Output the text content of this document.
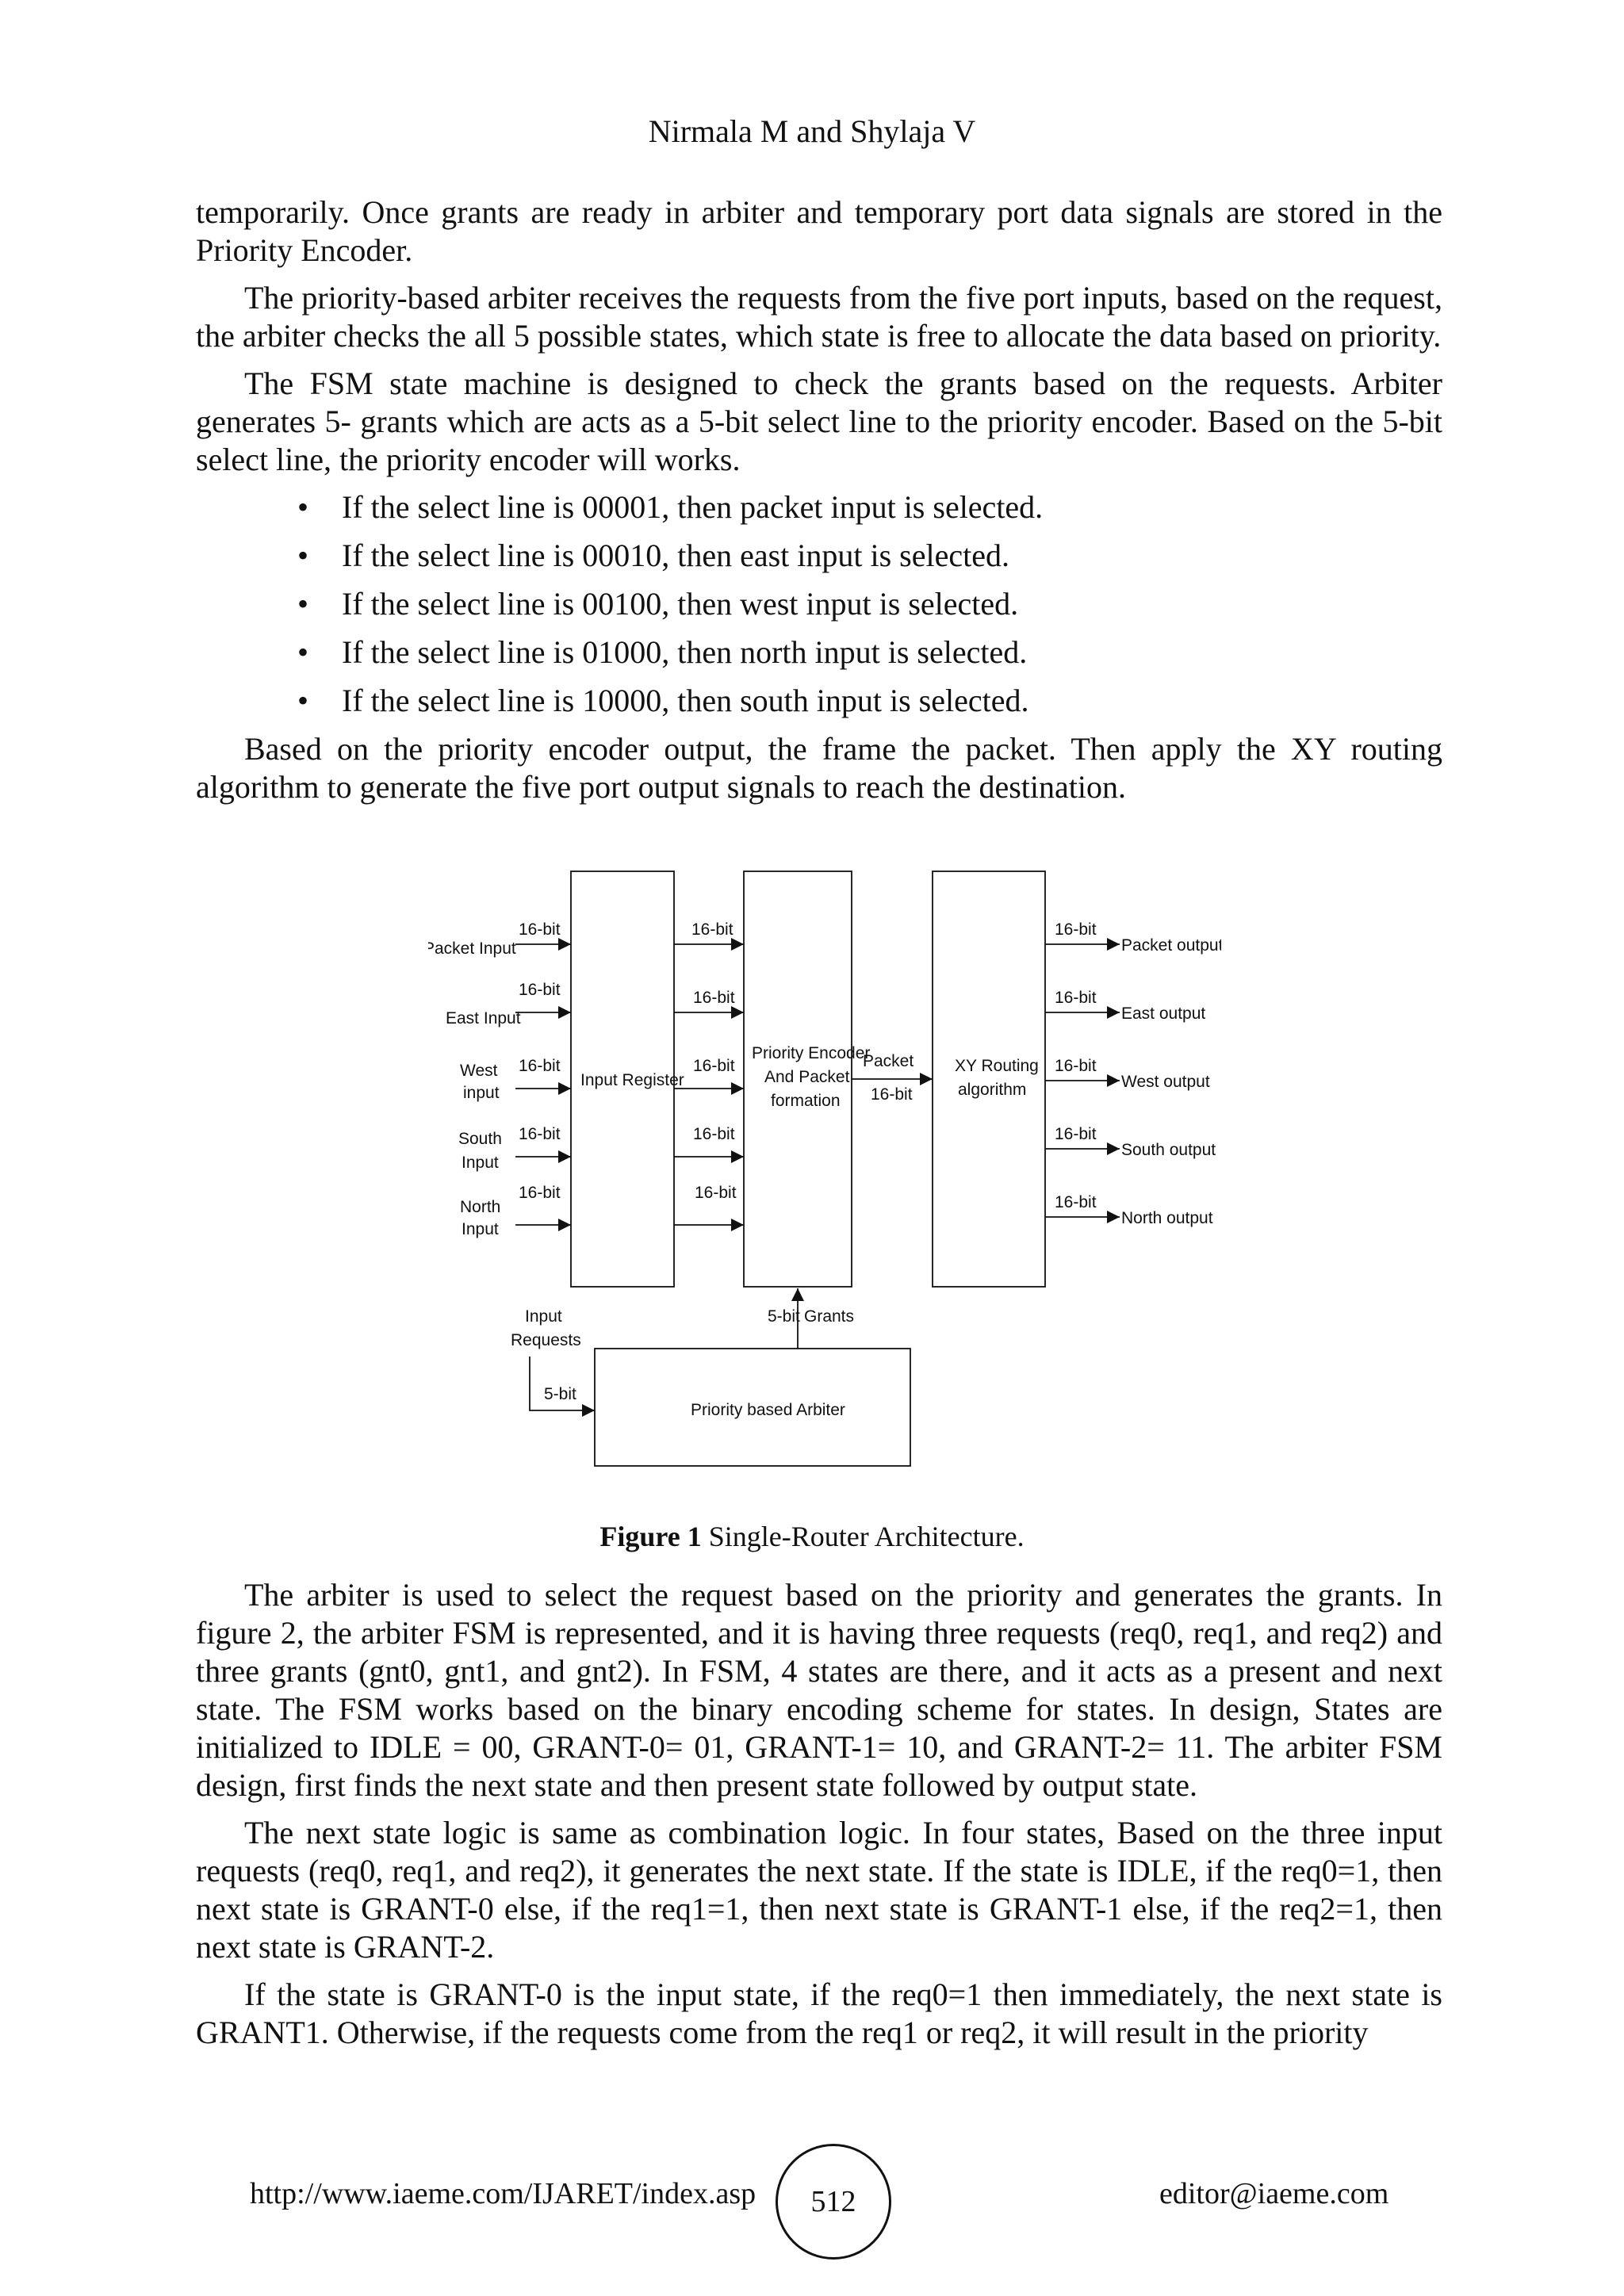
Nirmala M and Shylaja V

temporarily. Once grants are ready in arbiter and temporary port data signals are stored in the Priority Encoder.

The priority-based arbiter receives the requests from the five port inputs, based on the request, the arbiter checks the all 5 possible states, which state is free to allocate the data based on priority.

The FSM state machine is designed to check the grants based on the requests. Arbiter generates 5- grants which are acts as a 5-bit select line to the priority encoder. Based on the 5-bit select line, the priority encoder will works.

• If the select line is 00001, then packet input is selected.
• If the select line is 00010, then east input is selected.
• If the select line is 00100, then west input is selected.
• If the select line is 01000, then north input is selected.
• If the select line is 10000, then south input is selected.

Based on the priority encoder output, the frame the packet. Then apply the XY routing algorithm to generate the five port output signals to reach the destination.

Packet Input
East Input
West
input
South
Input
North
Input
16-bit
16-bit
16-bit
16-bit
16-bit
16-bit
16-bit
16-bit
16-bit
16-bit
16-bit
16-bit
16-bit
16-bit
16-bit
Input Register
Priority Encoder
And Packet
formation
XY Routing
algorithm
Priority based Arbiter
Packet
16-bit
Packet output
East output
West output
South output
North output
Input
Requests
5-bit
5-bit Grants
Figure 1 Single-Router Architecture.

The arbiter is used to select the request based on the priority and generates the grants. In figure 2, the arbiter FSM is represented, and it is having three requests (req0, req1, and req2) and three grants (gnt0, gnt1, and gnt2). In FSM, 4 states are there, and it acts as a present and next state. The FSM works based on the binary encoding scheme for states. In design, States are initialized to IDLE = 00, GRANT-0= 01, GRANT-1= 10, and GRANT-2= 11. The arbiter FSM design, first finds the next state and then present state followed by output state.

The next state logic is same as combination logic. In four states, Based on the three input requests (req0, req1, and req2), it generates the next state. If the state is IDLE, if the req0=1, then next state is GRANT-0 else, if the req1=1, then next state is GRANT-1 else, if the req2=1, then next state is GRANT-2.

If the state is GRANT-0 is the input state, if the req0=1 then immediately, the next state is GRANT1. Otherwise, if the requests come from the req1 or req2, it will result in the priority

http://www.iaeme.com/IJARET/index.asp	512	editor@iaeme.com
